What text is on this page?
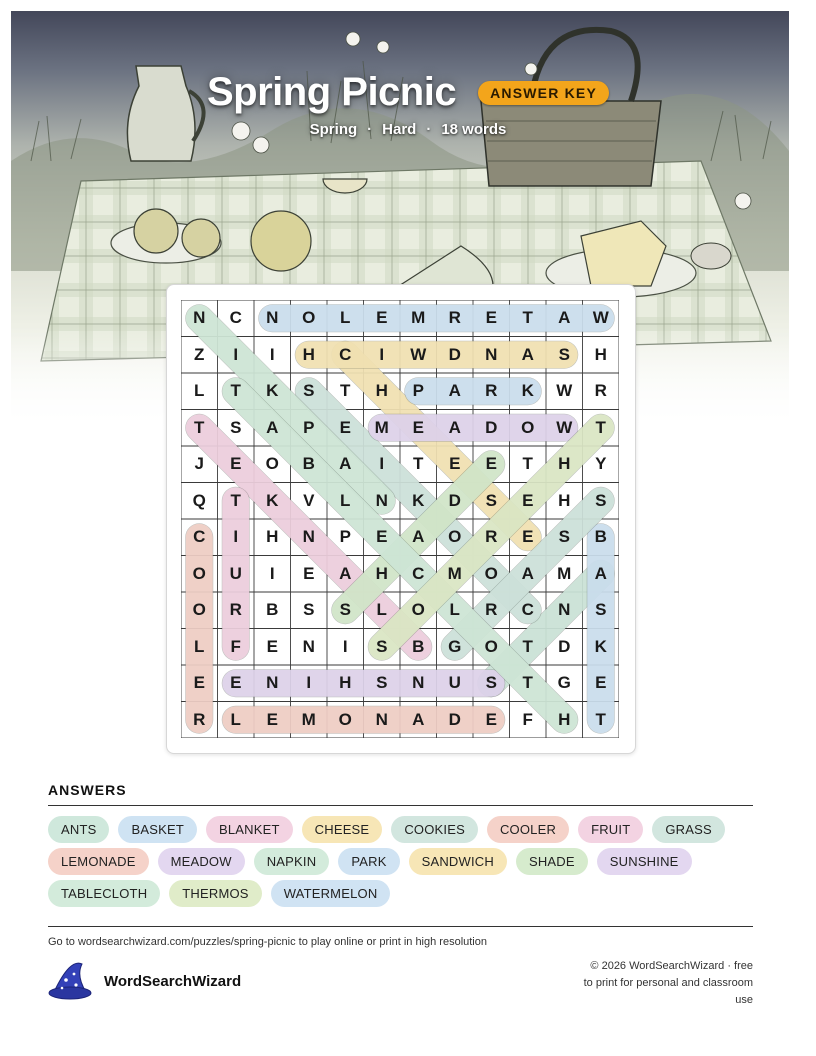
Spring Picnic	ANSWER KEY
Spring · Hard · 18 words
N	C	N	O	L	E	M	R	E	T	A	W
Z	I	I	H	C	I	W	D	N	A	S	H
L	T	K	S	T	H	P	A	R	K	W	R
T	S	A	P	E	M	E	A	D	O	W	T
J	E	O	B	A	I	T	E	E	T	H	Y
Q	T	K	V	L	N	K	D	S	E	H	S
C	I	H	N	P	E	A	O	R	E	S	B
O	U	I	E	A	H	C	M	O	A	M	A
O	R	B	S	S	L	O	L	R	C	N	S
L	F	E	N	I	S	B	G	O	T	D	K
E	E	N	I	H	S	N	U	S	T	G	E
R	L	E	M	O	N	A	D	E	F	H	T
ANSWERS
ANTS	BASKET	BLANKET	CHEESE	COOKIES	COOLER	FRUIT	GRASS
LEMONADE	MEADOW	NAPKIN	PARK	SANDWICH	SHADE	SUNSHINE
TABLECLOTH	THERMOS	WATERMELON
Go to wordsearchwizard.com/puzzles/spring-picnic to play online or print in high resolution
WordSearchWizard
© 2026 WordSearchWizard · free to print for personal and classroom use
